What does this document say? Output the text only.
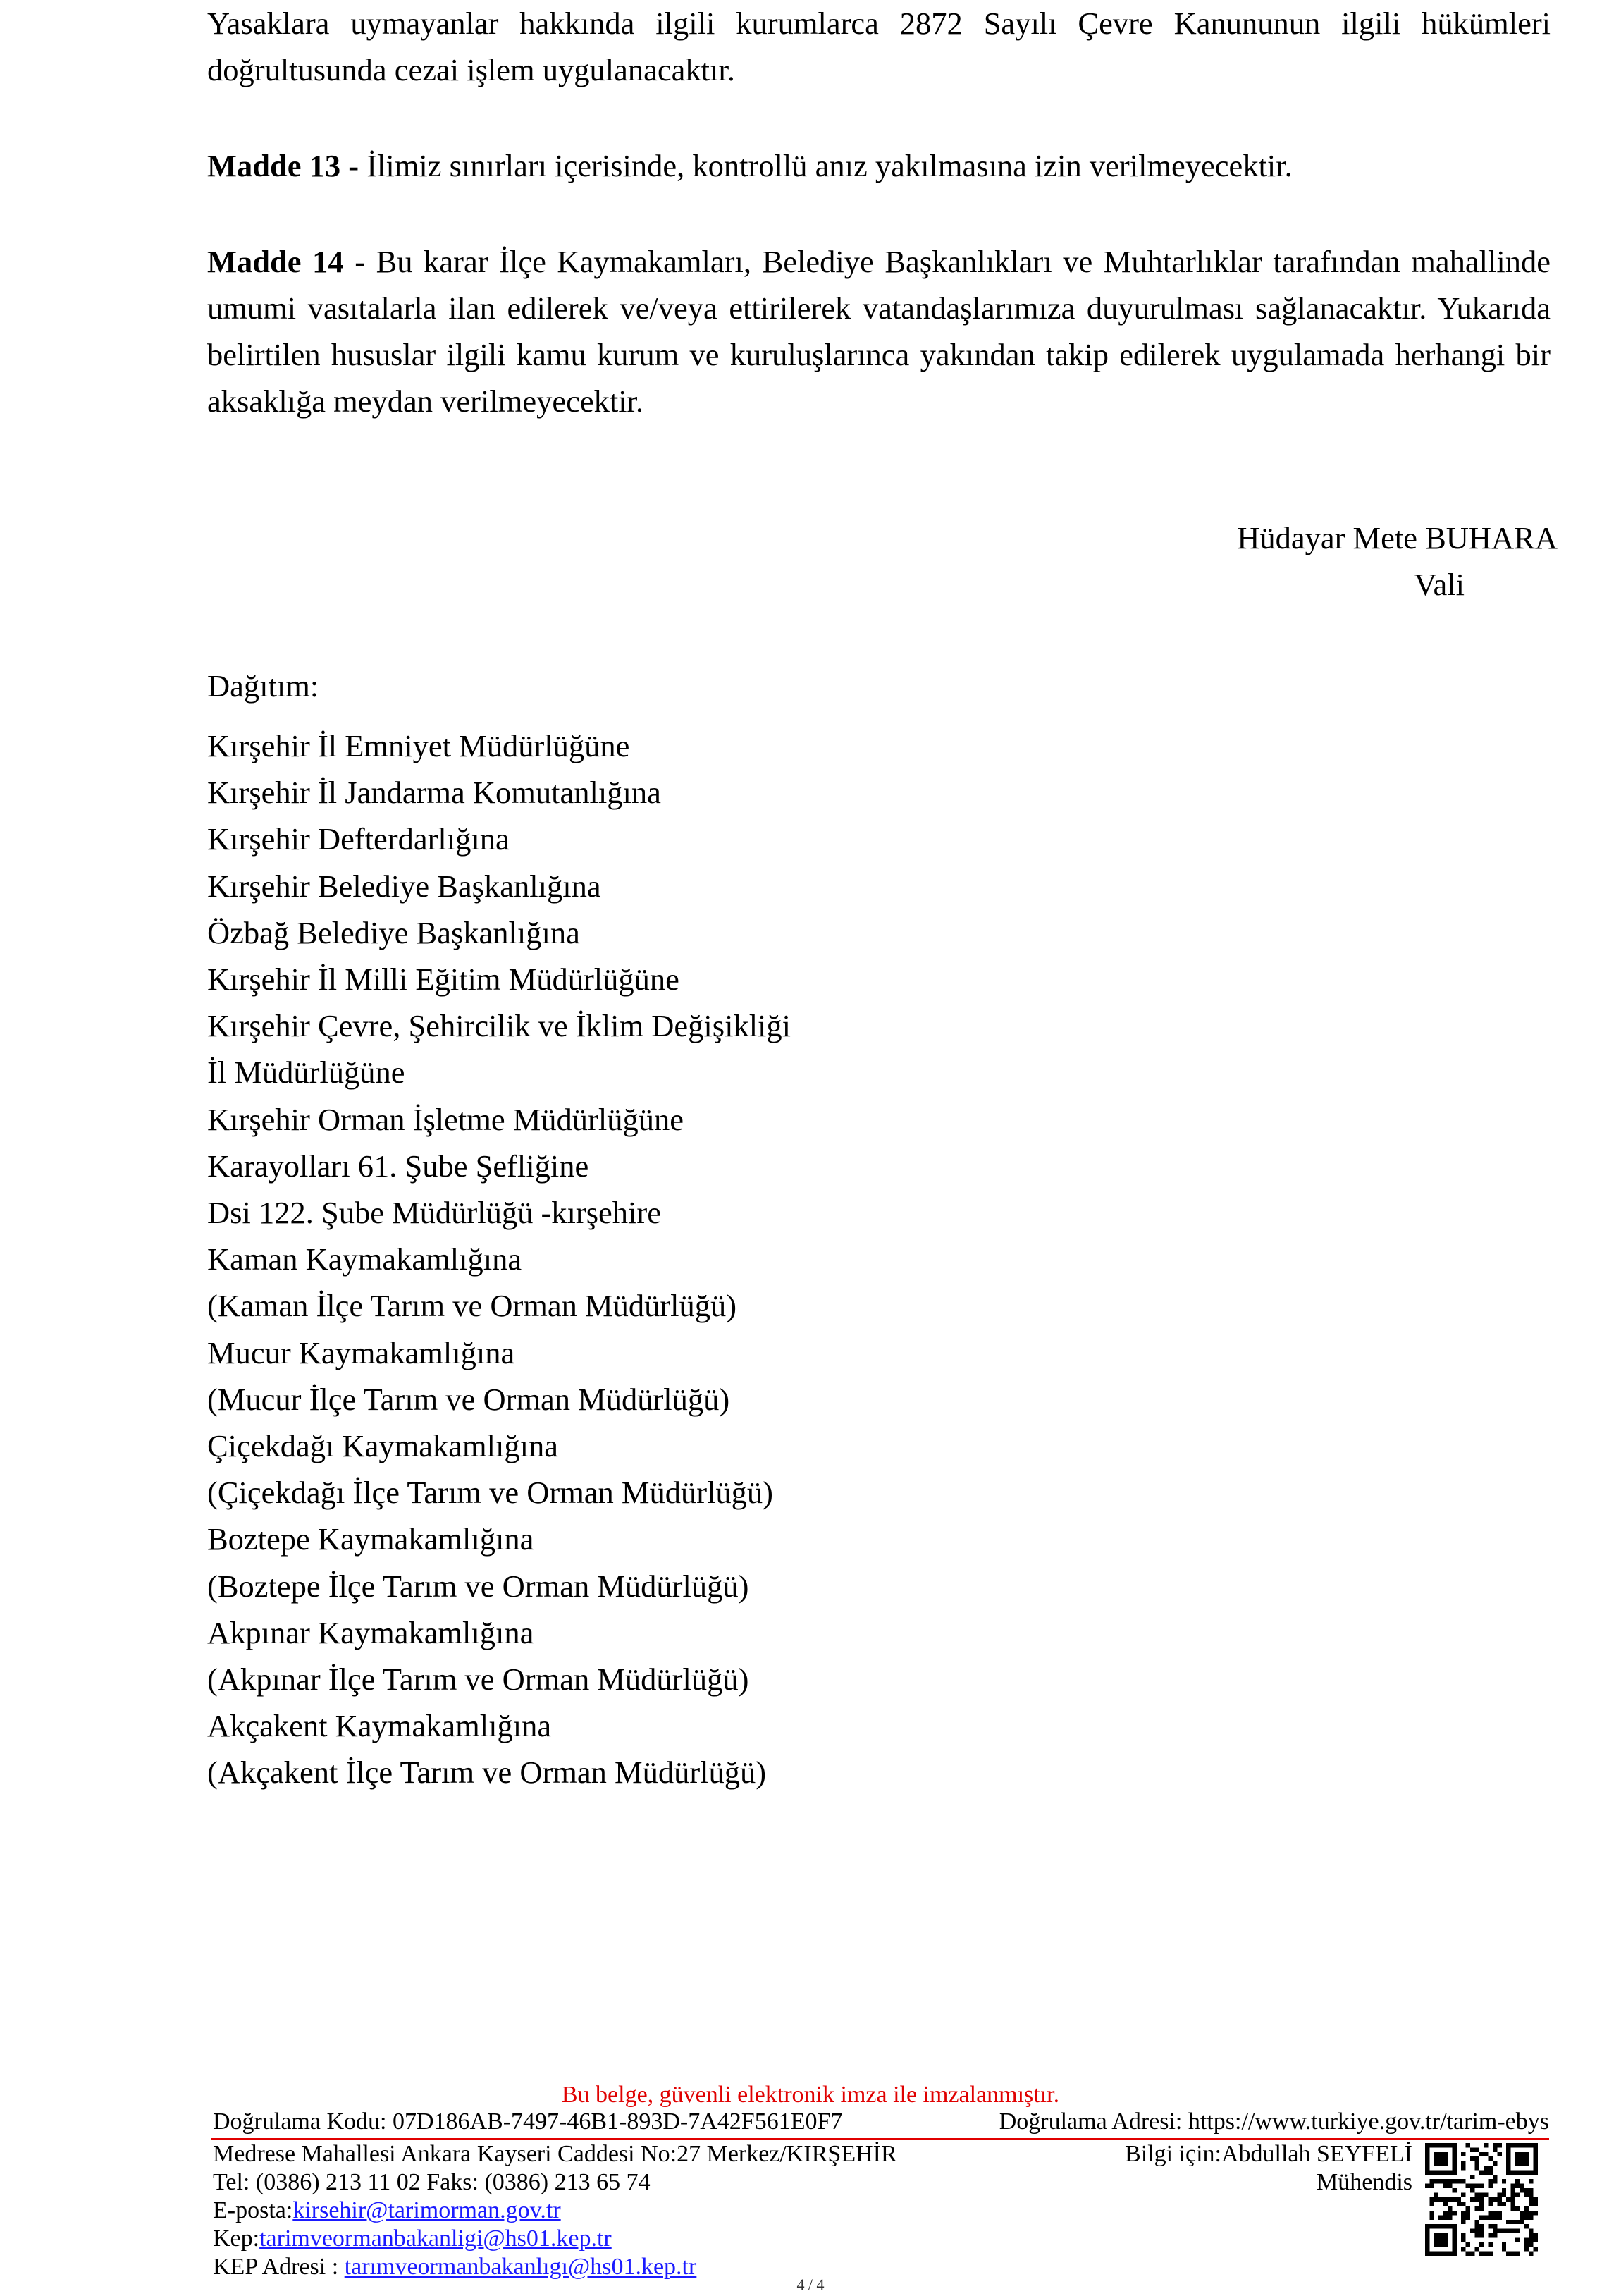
Yasaklara uymayanlar hakkında ilgili kurumlarca 2872 Sayılı Çevre Kanununun ilgili hükümleri doğrultusunda cezai işlem uygulanacaktır.
Madde 13 - İlimiz sınırları içerisinde, kontrollü anız yakılmasına izin verilmeyecektir.
Madde 14 - Bu karar İlçe Kaymakamları, Belediye Başkanlıkları ve Muhtarlıklar tarafından mahallinde umumi vasıtalarla ilan edilerek ve/veya ettirilerek vatandaşlarımıza duyurulması sağlanacaktır. Yukarıda belirtilen hususlar ilgili kamu kurum ve kuruluşlarınca yakından takip edilerek uygulamada herhangi bir aksaklığa meydan verilmeyecektir.
Hüdayar Mete BUHARA
Vali
Dağıtım:
Kırşehir İl Emniyet Müdürlüğüne
Kırşehir İl Jandarma Komutanlığına
Kırşehir Defterdarlığına
Kırşehir Belediye Başkanlığına
Özbağ Belediye Başkanlığına
Kırşehir İl Milli Eğitim Müdürlüğüne
Kırşehir Çevre, Şehircilik ve İklim Değişikliği
İl Müdürlüğüne
Kırşehir Orman İşletme Müdürlüğüne
Karayolları 61. Şube Şefliğine
Dsi 122. Şube Müdürlüğü -kırşehire
Kaman Kaymakamlığına
(Kaman İlçe Tarım ve Orman Müdürlüğü)
Mucur Kaymakamlığına
(Mucur İlçe Tarım ve Orman Müdürlüğü)
Çiçekdağı Kaymakamlığına
(Çiçekdağı İlçe Tarım ve Orman Müdürlüğü)
Boztepe Kaymakamlığına
(Boztepe İlçe Tarım ve Orman Müdürlüğü)
Akpınar Kaymakamlığına
(Akpınar İlçe Tarım ve Orman Müdürlüğü)
Akçakent Kaymakamlığına
(Akçakent İlçe Tarım ve Orman Müdürlüğü)
Bu belge, güvenli elektronik imza ile imzalanmıştır.
Doğrulama Kodu: 07D186AB-7497-46B1-893D-7A42F561E0F7	Doğrulama Adresi: https://www.turkiye.gov.tr/tarim-ebys
Medrese Mahallesi Ankara Kayseri Caddesi No:27 Merkez/KIRŞEHİR
Tel: (0386) 213 11 02 Faks: (0386) 213 65 74
E-posta:kirsehir@tarimorman.gov.tr
Kep:tarimveormanbakanligi@hs01.kep.tr
KEP Adresi : tarımveormanbakanlıgı@hs01.kep.tr
Bilgi için:Abdullah SEYFELİ
Mühendis
4 / 4
